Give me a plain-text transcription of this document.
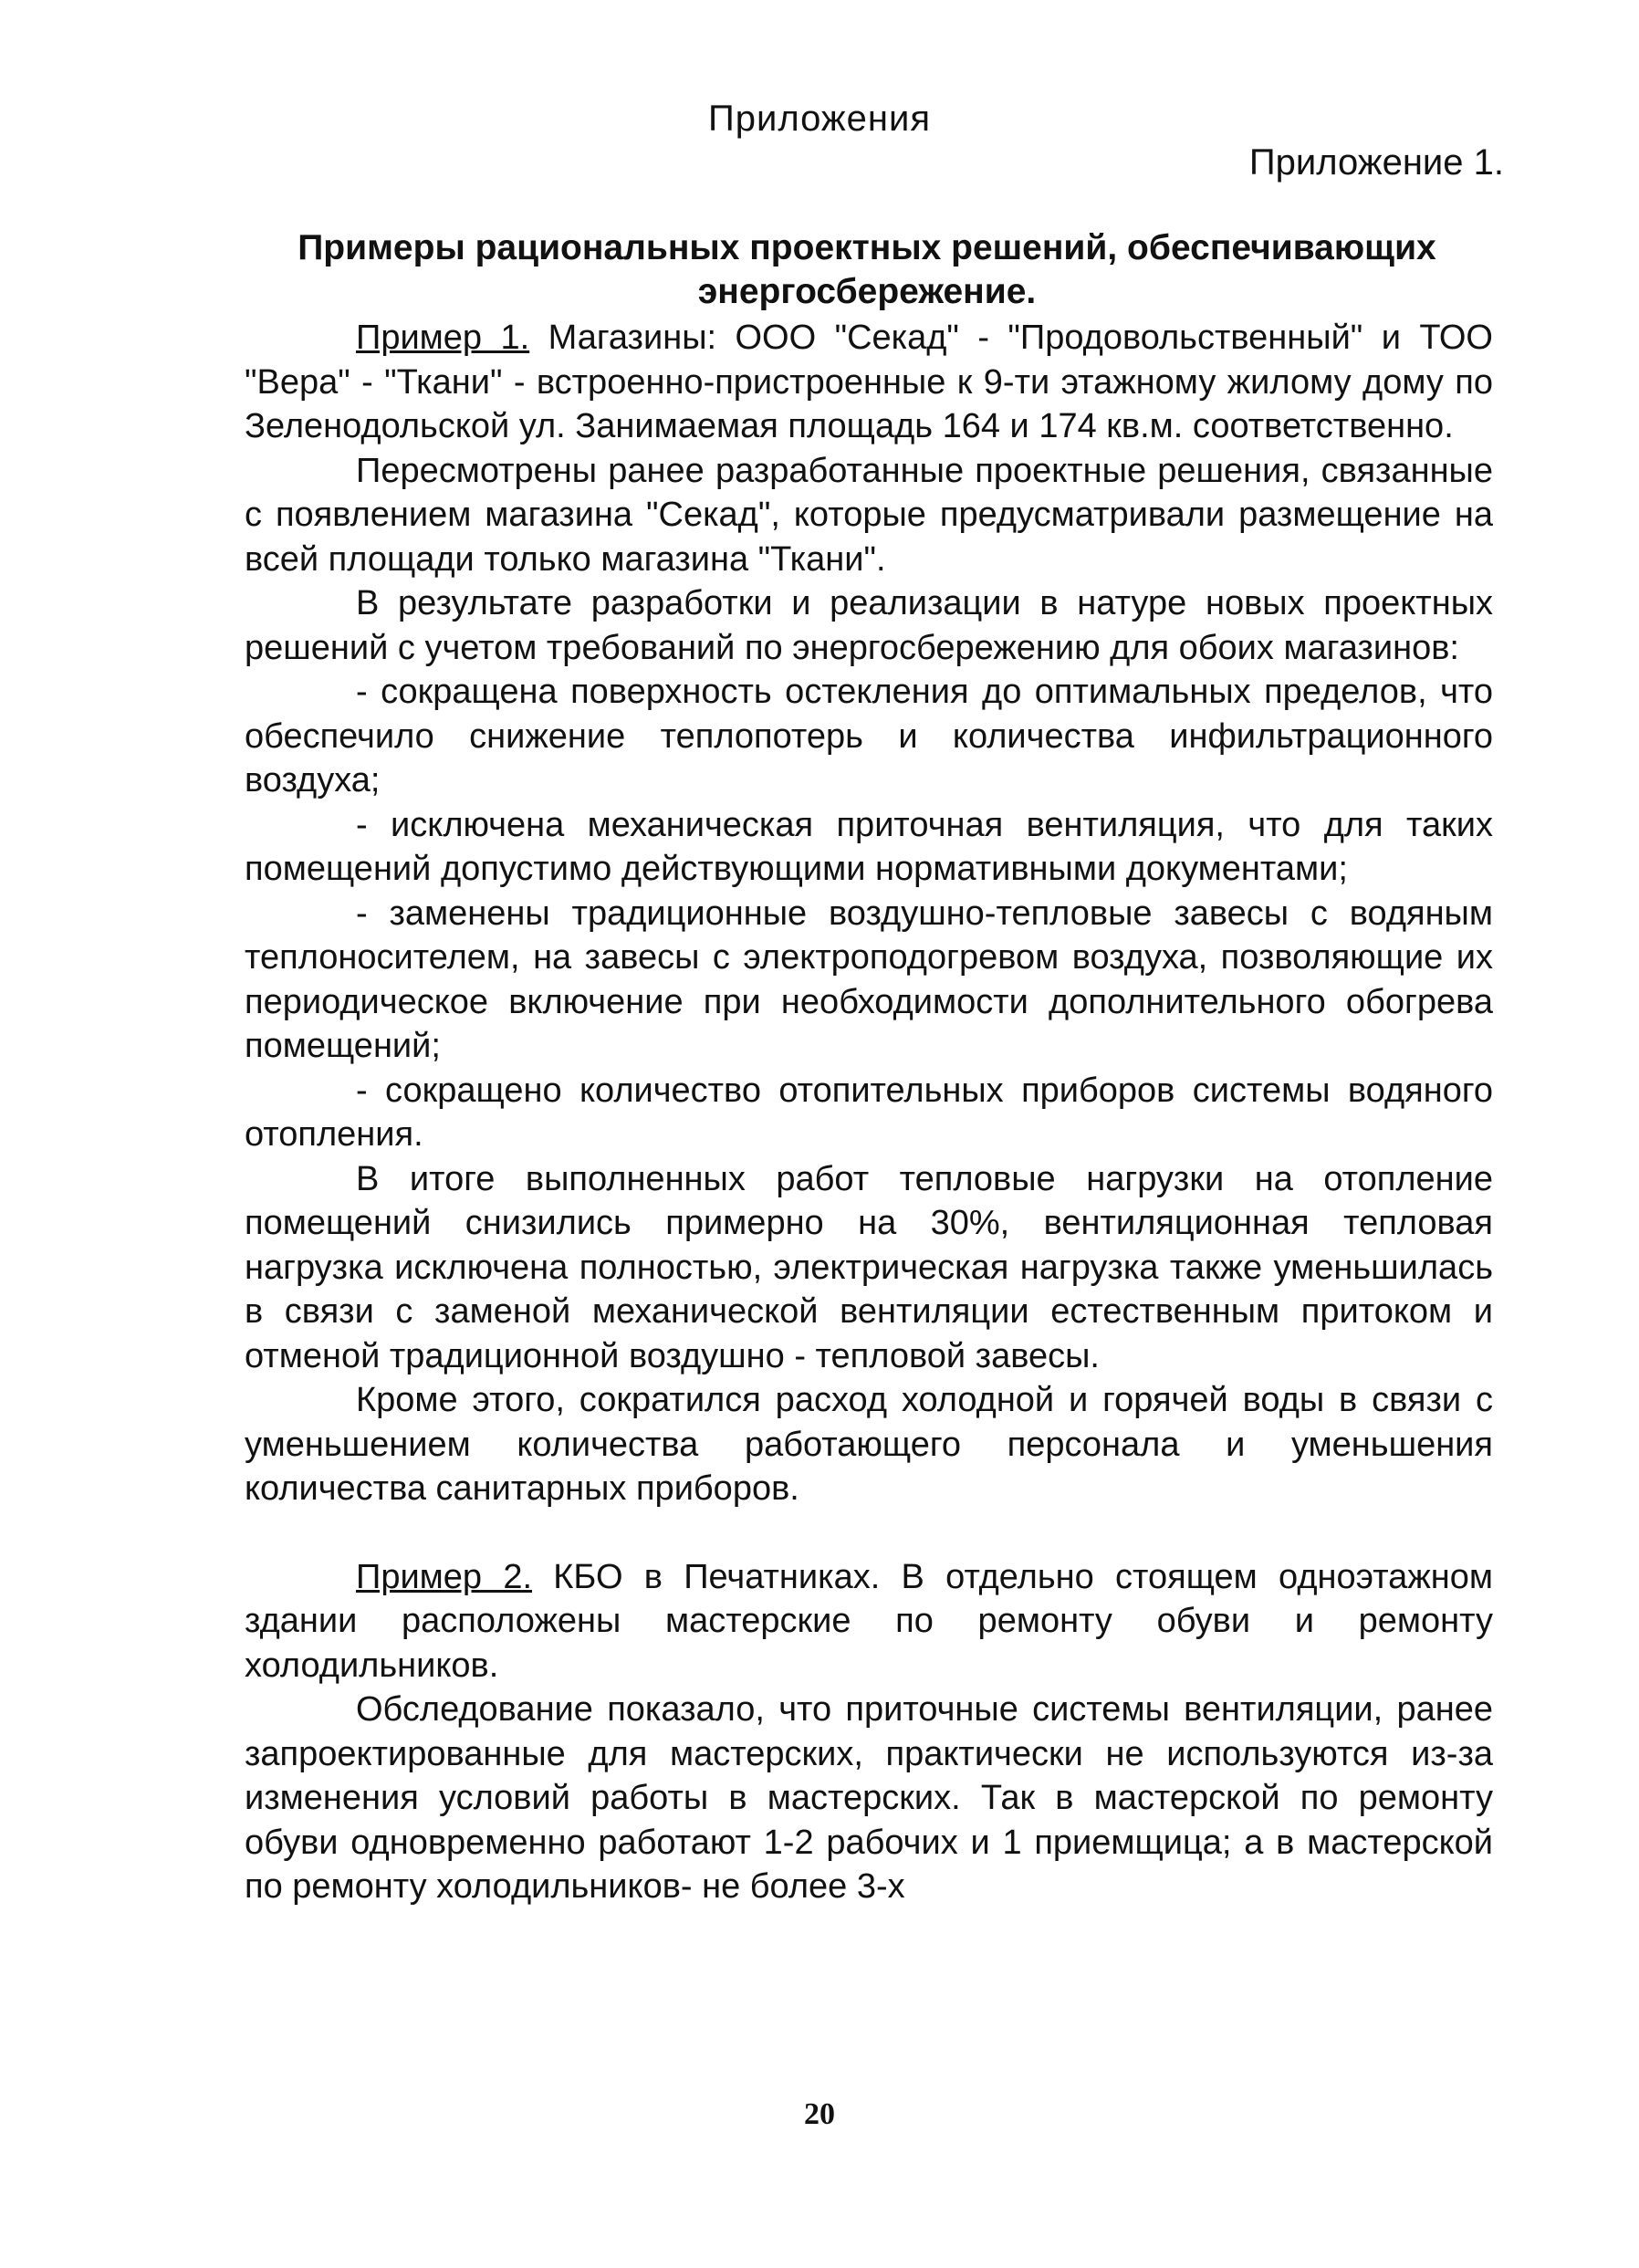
Приложения
Приложение 1.
Примеры рациональных проектных решений, обеспечивающих энергосбережение.

Пример 1. Магазины: ООО "Секад" - "Продовольственный" и ТОО "Вера" - "Ткани" - встроенно-пристроенные к 9-ти этажному жилому дому по Зеленодольской ул. Занимаемая площадь 164 и 174 кв.м. соответственно.

Пересмотрены ранее разработанные проектные решения, связанные с появлением магазина "Секад", которые предусматривали размещение на всей площади только магазина "Ткани".

В результате разработки и реализации в натуре новых проектных решений с учетом требований по энергосбережению для обоих магазинов:

- сокращена поверхность остекления до оптимальных пределов, что обеспечило снижение теплопотерь и количества инфильтрационного воздуха;

- исключена механическая приточная вентиляция, что для таких помещений допустимо действующими нормативными документами;

- заменены традиционные воздушно-тепловые завесы с водяным теплоносителем, на завесы с электроподогревом воздуха, позволяющие их периодическое включение при необходимости дополнительного обогрева помещений;

- сокращено количество отопительных приборов системы водяного отопления.

В итоге выполненных работ тепловые нагрузки на отопление помещений снизились примерно на 30%, вентиляционная тепловая нагрузка исключена полностью, электрическая нагрузка также уменьшилась в связи с заменой механической вентиляции естественным притоком и отменой традиционной воздушно - тепловой завесы.

Кроме этого, сократился расход холодной и горячей воды в связи с уменьшением количества работающего персонала и уменьшения количества санитарных приборов.

Пример 2. КБО в Печатниках. В отдельно стоящем одноэтажном здании расположены мастерские по ремонту обуви и ремонту холодильников.

Обследование показало, что приточные системы вентиляции, ранее запроектированные для мастерских, практически не используются из-за изменения условий работы в мастерских. Так в мастерской по ремонту обуви одновременно работают 1-2 рабочих и 1 приемщица; а в мастерской по ремонту холодильников- не более 3-х

20
